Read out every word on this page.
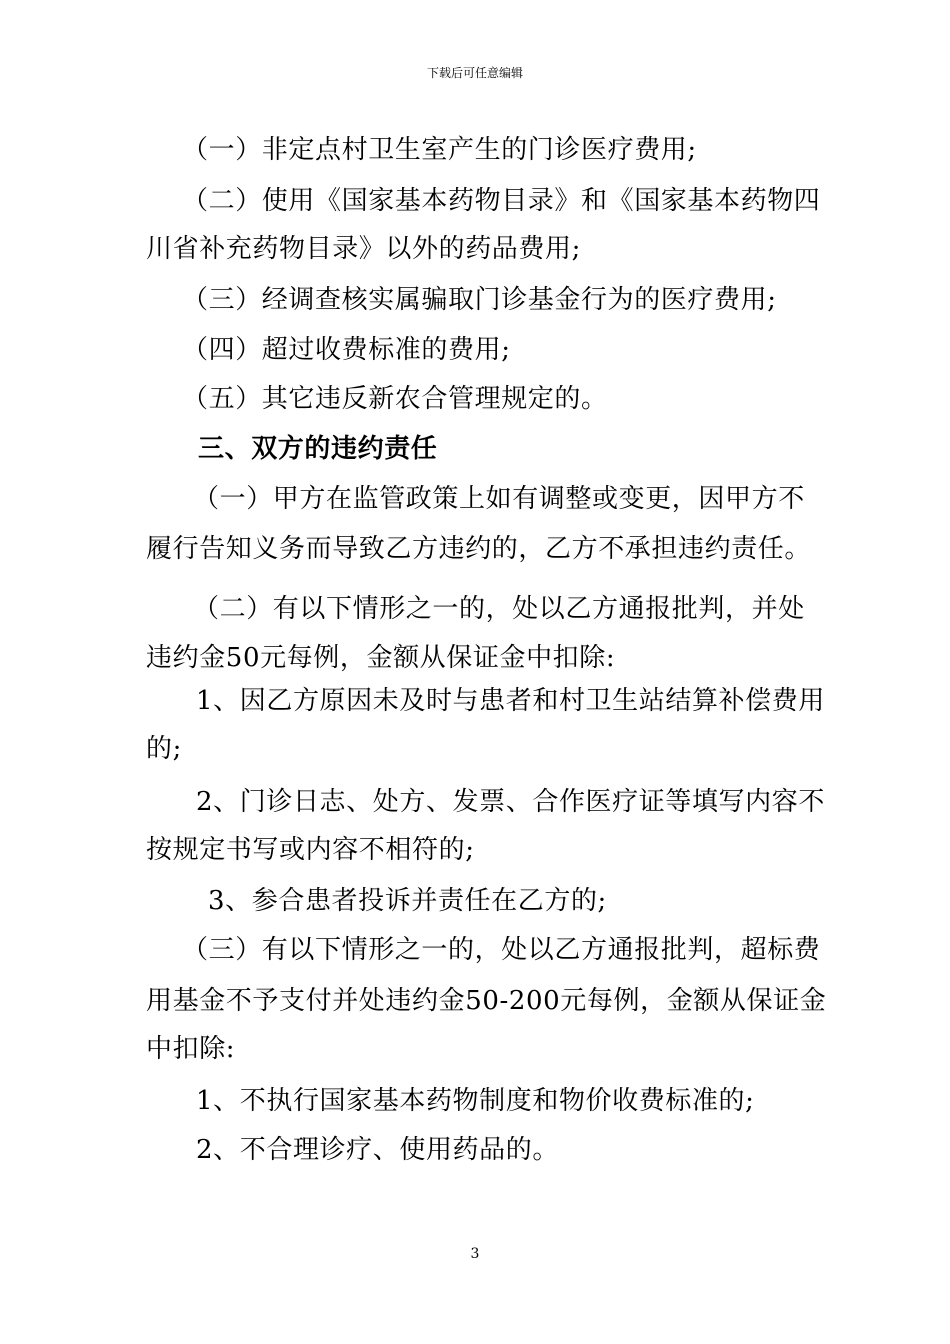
下载后可任意编辑
（一）非定点村卫生室产生的门诊医疗费用;
（二）使用《国家基本药物目录》和《国家基本药物四
川省补充药物目录》以外的药品费用;
（三）经调查核实属骗取门诊基金行为的医疗费用;
（四）超过收费标准的费用;
（五）其它违反新农合管理规定的。
三、双方的违约责任
（一）甲方在监管政策上如有调整或变更，因甲方不
履行告知义务而导致乙方违约的，乙方不承担违约责任。
（二）有以下情形之一的，处以乙方通报批判，并处
违约金50元每例，金额从保证金中扣除:
1、因乙方原因未及时与患者和村卫生站结算补偿费用
的;
2、门诊日志、处方、发票、合作医疗证等填写内容不
按规定书写或内容不相符的;
3、参合患者投诉并责任在乙方的;
（三）有以下情形之一的，处以乙方通报批判，超标费
用基金不予支付并处违约金50-200元每例，金额从保证金
中扣除:
1、不执行国家基本药物制度和物价收费标准的;
2、不合理诊疗、使用药品的。
3
